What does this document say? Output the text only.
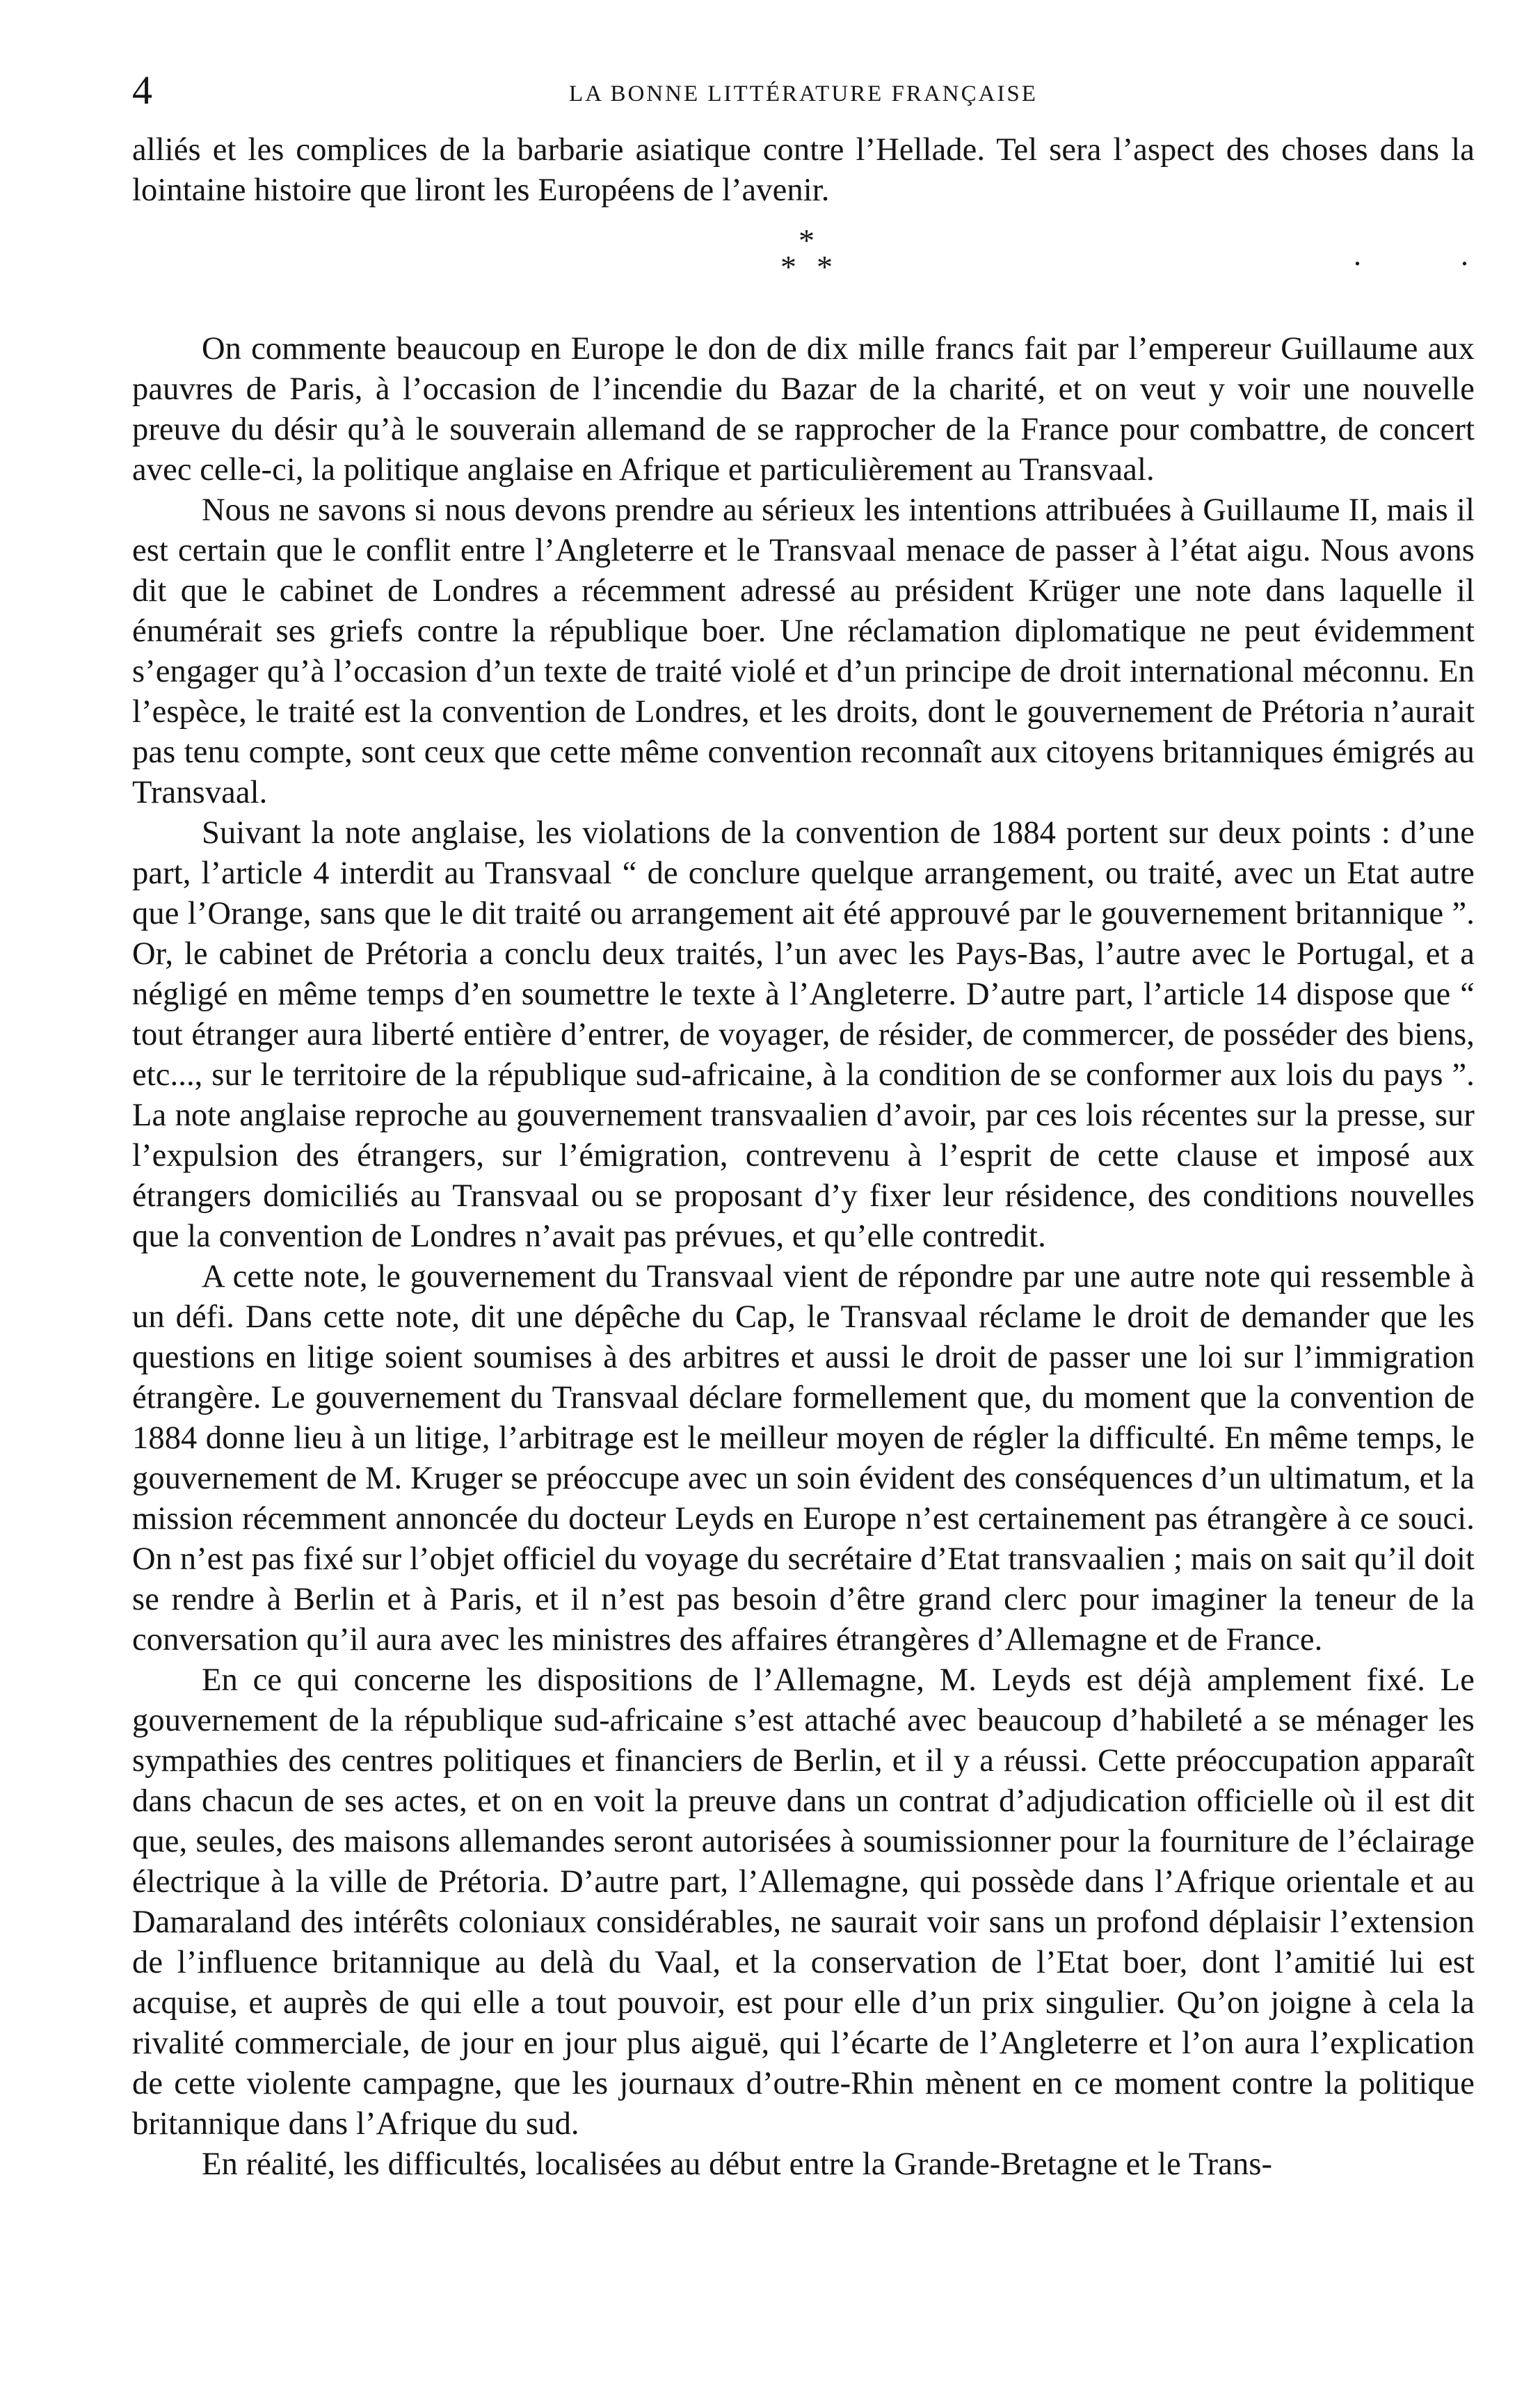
4	LA BONNE LITTÉRATURE FRANÇAISE

alliés et les complices de la barbarie asiatique contre l’Hellade. Tel sera l’aspect des choses dans la lointaine histoire que liront les Européens de l’avenir.

*
* *	.	.

On commente beaucoup en Europe le don de dix mille francs fait par l’empereur Guillaume aux pauvres de Paris, à l’occasion de l’incendie du Bazar de la charité, et on veut y voir une nouvelle preuve du désir qu’à le souverain allemand de se rapprocher de la France pour combattre, de concert avec celle-ci, la politique anglaise en Afrique et particulièrement au Transvaal.

Nous ne savons si nous devons prendre au sérieux les intentions attribuées à Guillaume II, mais il est certain que le conflit entre l’Angleterre et le Transvaal menace de passer à l’état aigu. Nous avons dit que le cabinet de Londres a récemment adressé au président Krüger une note dans laquelle il énumérait ses griefs contre la république boer. Une réclamation diplomatique ne peut évidemment s’engager qu’à l’occasion d’un texte de traité violé et d’un principe de droit international méconnu. En l’espèce, le traité est la convention de Londres, et les droits, dont le gouvernement de Prétoria n’aurait pas tenu compte, sont ceux que cette même convention reconnaît aux citoyens britanniques émigrés au Transvaal.

Suivant la note anglaise, les violations de la convention de 1884 portent sur deux points : d’une part, l’article 4 interdit au Transvaal “ de conclure quelque arrangement, ou traité, avec un Etat autre que l’Orange, sans que le dit traité ou arrangement ait été approuvé par le gouvernement britannique ”. Or, le cabinet de Prétoria a conclu deux traités, l’un avec les Pays-Bas, l’autre avec le Portugal, et a négligé en même temps d’en soumettre le texte à l’Angleterre. D’autre part, l’article 14 dispose que “ tout étranger aura liberté entière d’entrer, de voyager, de résider, de commercer, de posséder des biens, etc..., sur le territoire de la république sud-africaine, à la condition de se conformer aux lois du pays ”. La note anglaise reproche au gouvernement transvaalien d’avoir, par ces lois récentes sur la presse, sur l’expulsion des étrangers, sur l’émigration, contrevenu à l’esprit de cette clause et imposé aux étrangers domiciliés au Transvaal ou se proposant d’y fixer leur résidence, des conditions nouvelles que la convention de Londres n’avait pas prévues, et qu’elle contredit.

A cette note, le gouvernement du Transvaal vient de répondre par une autre note qui ressemble à un défi. Dans cette note, dit une dépêche du Cap, le Transvaal réclame le droit de demander que les questions en litige soient soumises à des arbitres et aussi le droit de passer une loi sur l’immigration étrangère. Le gouvernement du Transvaal déclare formellement que, du moment que la convention de 1884 donne lieu à un litige, l’arbitrage est le meilleur moyen de régler la difficulté. En même temps, le gouvernement de M. Kruger se préoccupe avec un soin évident des conséquences d’un ultimatum, et la mission récemment annoncée du docteur Leyds en Europe n’est certainement pas étrangère à ce souci. On n’est pas fixé sur l’objet officiel du voyage du secrétaire d’Etat transvaalien ; mais on sait qu’il doit se rendre à Berlin et à Paris, et il n’est pas besoin d’être grand clerc pour imaginer la teneur de la conversation qu’il aura avec les ministres des affaires étrangères d’Allemagne et de France.

En ce qui concerne les dispositions de l’Allemagne, M. Leyds est déjà amplement fixé. Le gouvernement de la république sud-africaine s’est attaché avec beaucoup d’habileté a se ménager les sympathies des centres politiques et financiers de Berlin, et il y a réussi. Cette préoccupation apparaît dans chacun de ses actes, et on en voit la preuve dans un contrat d’adjudication officielle où il est dit que, seules, des maisons allemandes seront autorisées à soumissionner pour la fourniture de l’éclairage électrique à la ville de Prétoria. D’autre part, l’Allemagne, qui possède dans l’Afrique orientale et au Damaraland des intérêts coloniaux considérables, ne saurait voir sans un profond déplaisir l’extension de l’influence britannique au delà du Vaal, et la conservation de l’Etat boer, dont l’amitié lui est acquise, et auprès de qui elle a tout pouvoir, est pour elle d’un prix singulier. Qu’on joigne à cela la rivalité commerciale, de jour en jour plus aiguë, qui l’écarte de l’Angleterre et l’on aura l’explication de cette violente campagne, que les journaux d’outre-Rhin mènent en ce moment contre la politique britannique dans l’Afrique du sud.

En réalité, les difficultés, localisées au début entre la Grande-Bretagne et le Trans-
